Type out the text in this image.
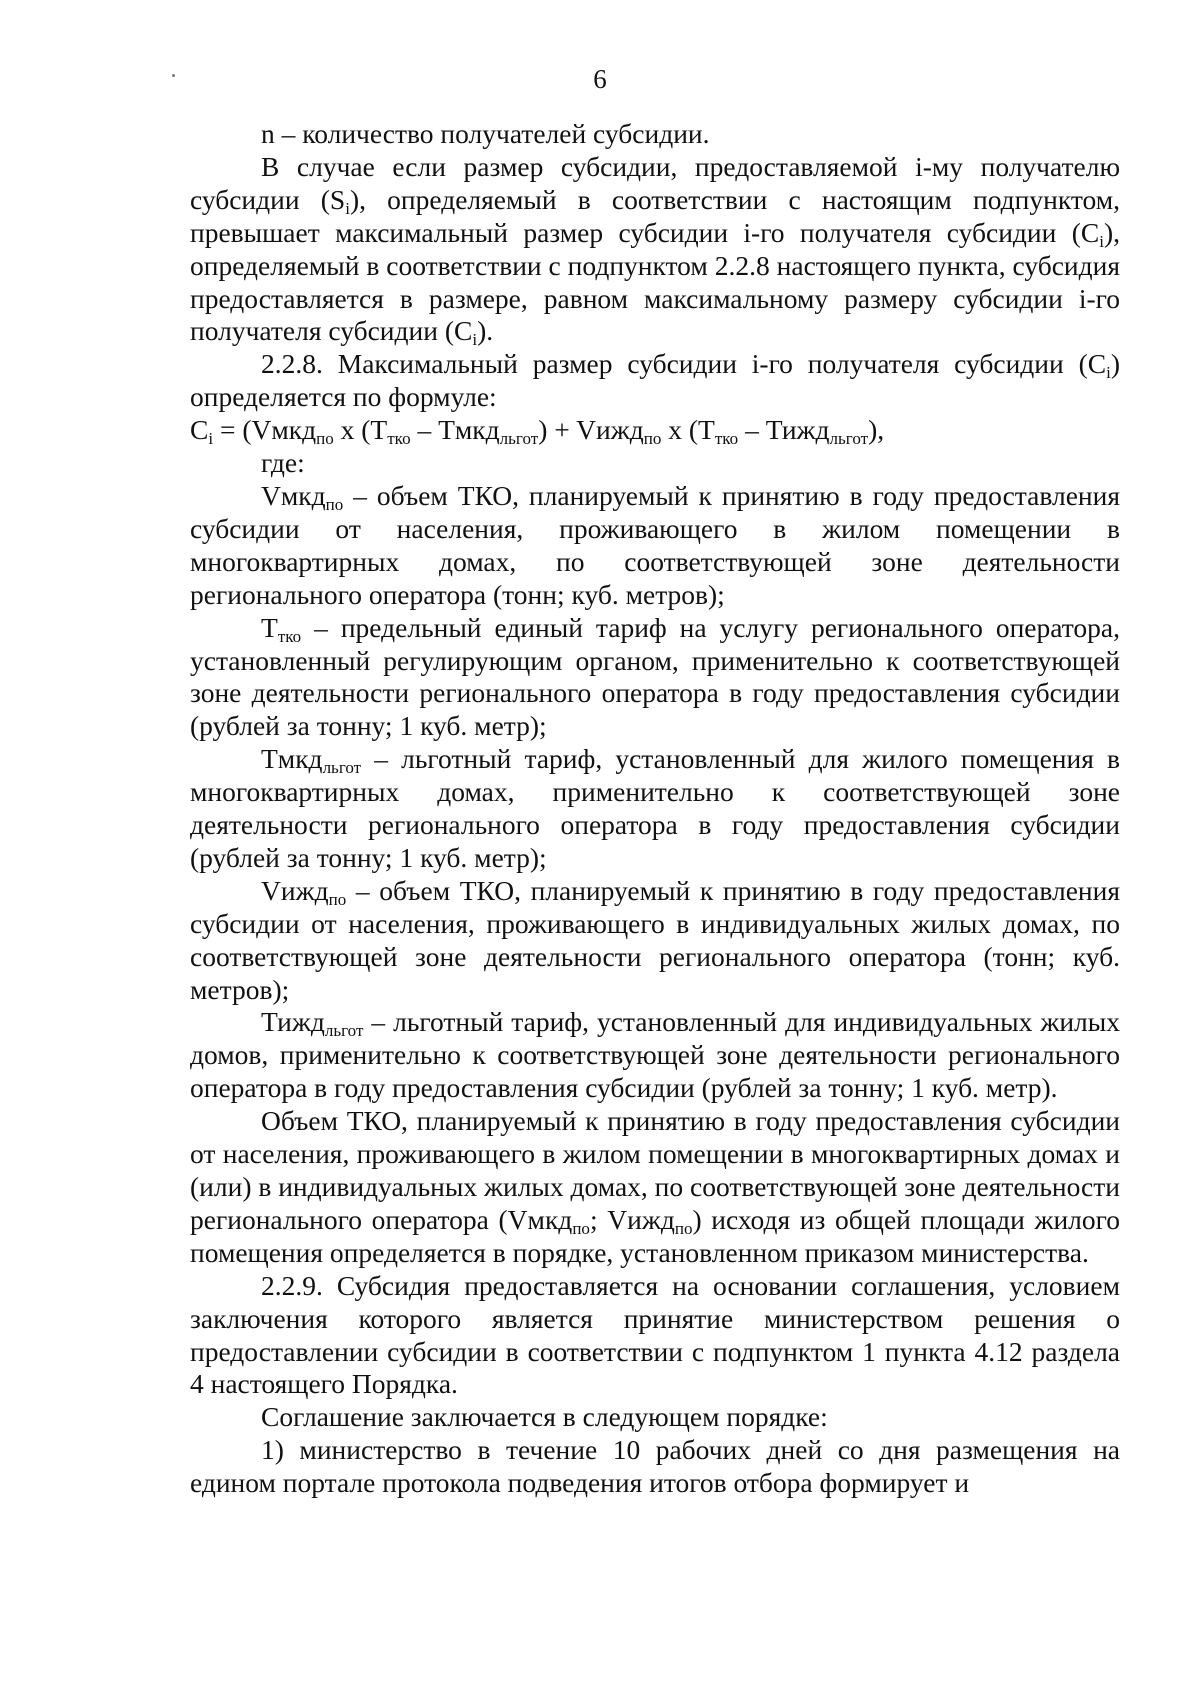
6

n – количество получателей субсидии.

В случае если размер субсидии, предоставляемой i-му получателю субсидии $(S_i)$, определяемый в соответствии с настоящим подпунктом, превышает максимальный размер субсидии i-го получателя субсидии $(C_i)$, определяемый в соответствии с подпунктом 2.2.8 настоящего пункта, субсидия предоставляется в размере, равном максимальному размеру субсидии i-го получателя субсидии $(C_i)$.

2.2.8. Максимальный размер субсидии i-го получателя субсидии $(C_i)$ определяется по формуле:

$C_i$ = (Vмкд$_{по}$ x ($T_{тко}$ – Tмкд$_{льгот}$) + Vижд$_{по}$ x ($T_{тко}$ – Тижд$_{льгот}$),

где:

Vмкд$_{по}$ – объем ТКО, планируемый к принятию в году предоставления субсидии от населения, проживающего в жилом помещении в многоквартирных домах, по соответствующей зоне деятельности регионального оператора (тонн; куб. метров);

$T_{тко}$ – предельный единый тариф на услугу регионального оператора, установленный регулирующим органом, применительно к соответствующей зоне деятельности регионального оператора в году предоставления субсидии (рублей за тонну; 1 куб. метр);

Tмкд$_{льгот}$ – льготный тариф, установленный для жилого помещения в многоквартирных домах, применительно к соответствующей зоне деятельности регионального оператора в году предоставления субсидии (рублей за тонну; 1 куб. метр);

Vижд$_{по}$ – объем ТКО, планируемый к принятию в году предоставления субсидии от населения, проживающего в индивидуальных жилых домах, по соответствующей зоне деятельности регионального оператора (тонн; куб. метров);

Тижд$_{льгот}$ – льготный тариф, установленный для индивидуальных жилых домов, применительно к соответствующей зоне деятельности регионального оператора в году предоставления субсидии (рублей за тонну; 1 куб. метр).

Объем ТКО, планируемый к принятию в году предоставления субсидии от населения, проживающего в жилом помещении в многоквартирных домах и (или) в индивидуальных жилых домах, по соответствующей зоне деятельности регионального оператора (Vмкд$_{по}$; Vижд$_{по}$) исходя из общей площади жилого помещения определяется в порядке, установленном приказом министерства.

2.2.9. Субсидия предоставляется на основании соглашения, условием заключения которого является принятие министерством решения о предоставлении субсидии в соответствии с подпунктом 1 пункта 4.12 раздела 4 настоящего Порядка.

Соглашение заключается в следующем порядке:

1) министерство в течение 10 рабочих дней со дня размещения на едином портале протокола подведения итогов отбора формирует и
